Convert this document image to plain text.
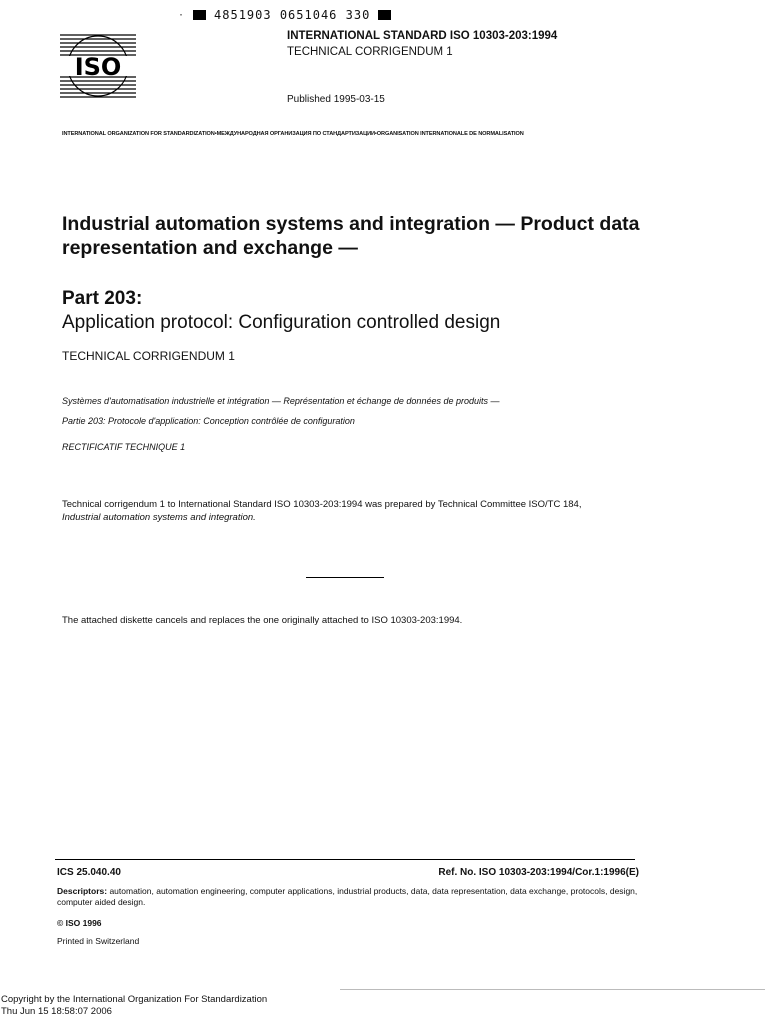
· 4851903 0651046 330
ISO
INTERNATIONAL STANDARD ISO 10303-203:1994
TECHNICAL CORRIGENDUM 1
Published 1995-03-15
INTERNATIONAL ORGANIZATION FOR STANDARDIZATION•МЕЖДУНАРОДНАЯ ОРГАНИЗАЦИЯ ПО СТАНДАРТИЗАЦИИ•ORGANISATION INTERNATIONALE DE NORMALISATION
Industrial automation systems and integration — Product data representation and exchange —
Part 203:
Application protocol: Configuration controlled design
TECHNICAL CORRIGENDUM 1
Systèmes d'automatisation industrielle et intégration — Représentation et échange de données de produits —
Partie 203: Protocole d'application: Conception contrôlée de configuration
RECTIFICATIF TECHNIQUE 1
Technical corrigendum 1 to International Standard ISO 10303-203:1994 was prepared by Technical Committee ISO/TC 184,
Industrial automation systems and integration.
The attached diskette cancels and replaces the one originally attached to ISO 10303-203:1994.
ICS 25.040.40	Ref. No. ISO 10303-203:1994/Cor.1:1996(E)
Descriptors: automation, automation engineering, computer applications, industrial products, data, data representation, data exchange, protocols, design, computer aided design.
© ISO 1996
Printed in Switzerland
Copyright by the International Organization For Standardization
Thu Jun 15 18:58:07 2006
